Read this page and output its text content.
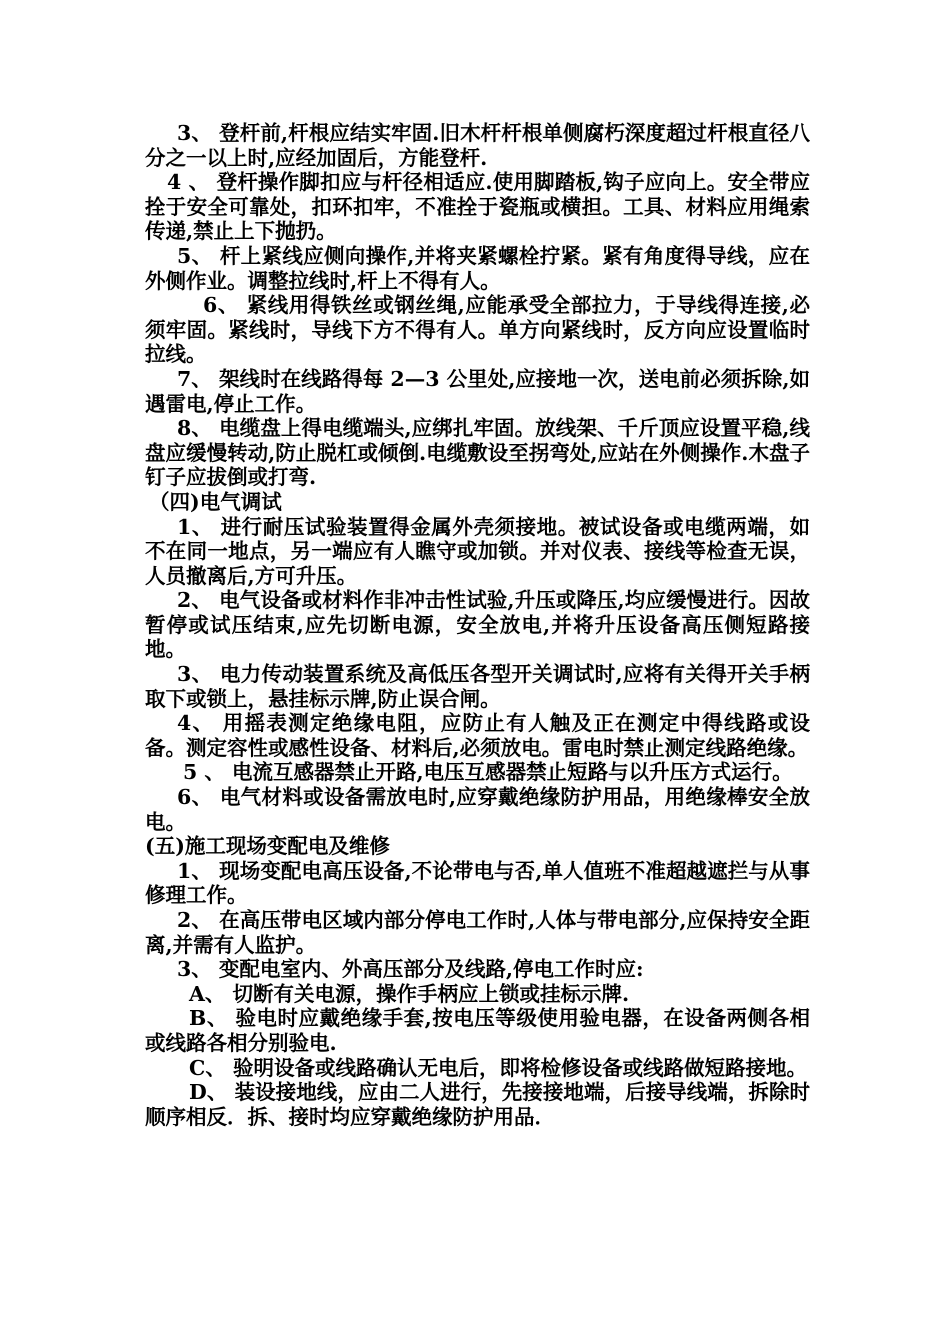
3、 登杆前,杆根应结实牢固.旧木杆杆根单侧腐朽深度超过杆根直径八分之一以上时,应经加固后，方能登杆.

4 、 登杆操作脚扣应与杆径相适应.使用脚踏板,钩子应向上。安全带应拴于安全可靠处，扣环扣牢，不准拴于瓷瓶或横担。工具、材料应用绳索传递,禁止上下抛扔。

5、 杆上紧线应侧向操作,并将夹紧螺栓拧紧。紧有角度得导线，应在外侧作业。调整拉线时,杆上不得有人。

6、 紧线用得铁丝或钢丝绳,应能承受全部拉力，于导线得连接,必须牢固。紧线时，导线下方不得有人。单方向紧线时，反方向应设置临时拉线。

7、 架线时在线路得每 2—3 公里处,应接地一次，送电前必须拆除,如遇雷电,停止工作。

8、 电缆盘上得电缆端头,应绑扎牢固。放线架、千斤顶应设置平稳,线盘应缓慢转动,防止脱杠或倾倒.电缆敷设至拐弯处,应站在外侧操作.木盘子钉子应拔倒或打弯.

（四)电气调试

1、 进行耐压试验装置得金属外壳须接地。被试设备或电缆两端，如不在同一地点，另一端应有人瞧守或加锁。并对仪表、接线等检查无误，人员撤离后,方可升压。

2、 电气设备或材料作非冲击性试验,升压或降压,均应缓慢进行。因故暂停或试压结束,应先切断电源，安全放电,并将升压设备高压侧短路接地。

3、 电力传动装置系统及高低压各型开关调试时,应将有关得开关手柄取下或锁上，悬挂标示牌,防止误合闸。

4、 用摇表测定绝缘电阻，应防止有人触及正在测定中得线路或设备。测定容性或感性设备、材料后,必须放电。雷电时禁止测定线路绝缘。

5 、 电流互感器禁止开路,电压互感器禁止短路与以升压方式运行。

6、 电气材料或设备需放电时,应穿戴绝缘防护用品，用绝缘棒安全放电。

(五)施工现场变配电及维修

1、 现场变配电高压设备,不论带电与否,单人值班不准超越遮拦与从事修理工作。

2、 在高压带电区域内部分停电工作时,人体与带电部分,应保持安全距离,并需有人监护。

3、 变配电室内、外高压部分及线路,停电工作时应:

A、 切断有关电源，操作手柄应上锁或挂标示牌.

B、 验电时应戴绝缘手套,按电压等级使用验电器，在设备两侧各相或线路各相分别验电.

C、 验明设备或线路确认无电后，即将检修设备或线路做短路接地。

D、 装设接地线，应由二人进行，先接接地端，后接导线端，拆除时顺序相反．拆、接时均应穿戴绝缘防护用品．
